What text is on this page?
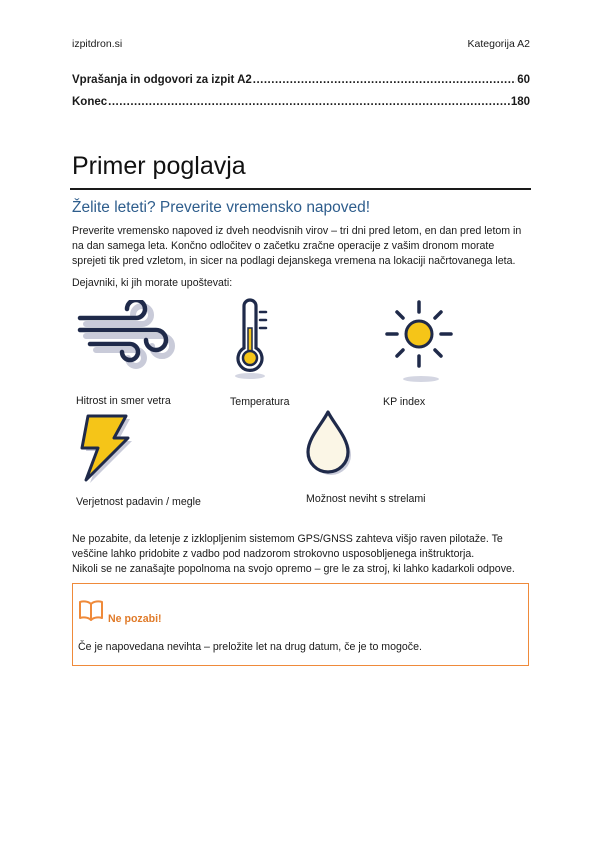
izpitdron.si	Kategorija A2
Vprašanja in odgovori za izpit A2 .....	60
Konec .....	180
Primer poglavja
Želite leteti? Preverite vremensko napoved!

Preverite vremensko napoved iz dveh neodvisnih virov – tri dni pred letom, en dan pred letom in

na dan samega leta. Končno odločitev o začetku zračne operacije z vašim dronom morate

sprejeti tik pred vzletom, in sicer na podlagi dejanskega vremena na lokaciji načrtovanega leta.

Dejavniki, ki jih morate upoštevati:
Hitrost in smer vetra	Temperatura	KP index
Verjetnost padavin / megle	Možnost neviht s strelami

Ne pozabite, da letenje z izklopljenim sistemom GPS/GNSS zahteva višjo raven pilotaže. Te

veščine lahko pridobite z vadbo pod nadzorom strokovno usposobljenega inštruktorja.

Nikoli se ne zanašajte popolnoma na svojo opremo – gre le za stroj, ki lahko kadarkoli odpove.

Ne pozabi!
Če je napovedana nevihta – preložite let na drug datum, če je to mogoče.
